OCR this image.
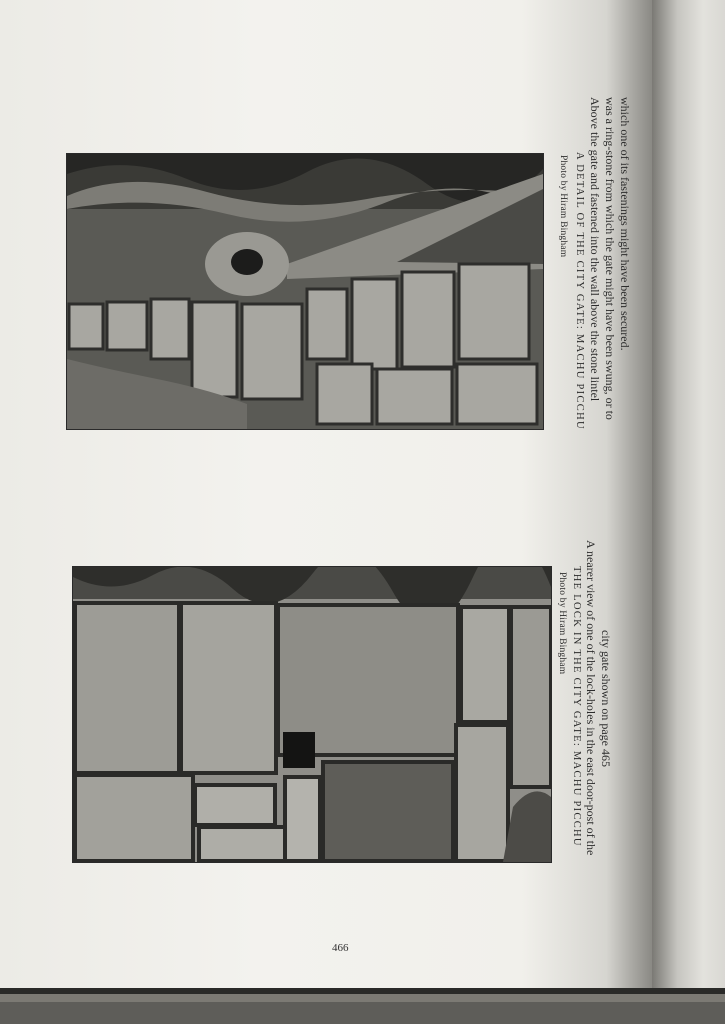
Photo by Hiram Bingham A DETAIL OF THE CITY GATE: MACHU PICCHU Above the gate and fastened into the wall above the stone lintel was a ring-stone from which the gate might have been swung, or to which one of its fastenings might have been secured.
Photo by Hiram Bingham THE LOCK IN THE CITY GATE: MACHU PICCHU A nearer view of one of the lock-holes in the east door-post of the city gate shown on page 465
466
